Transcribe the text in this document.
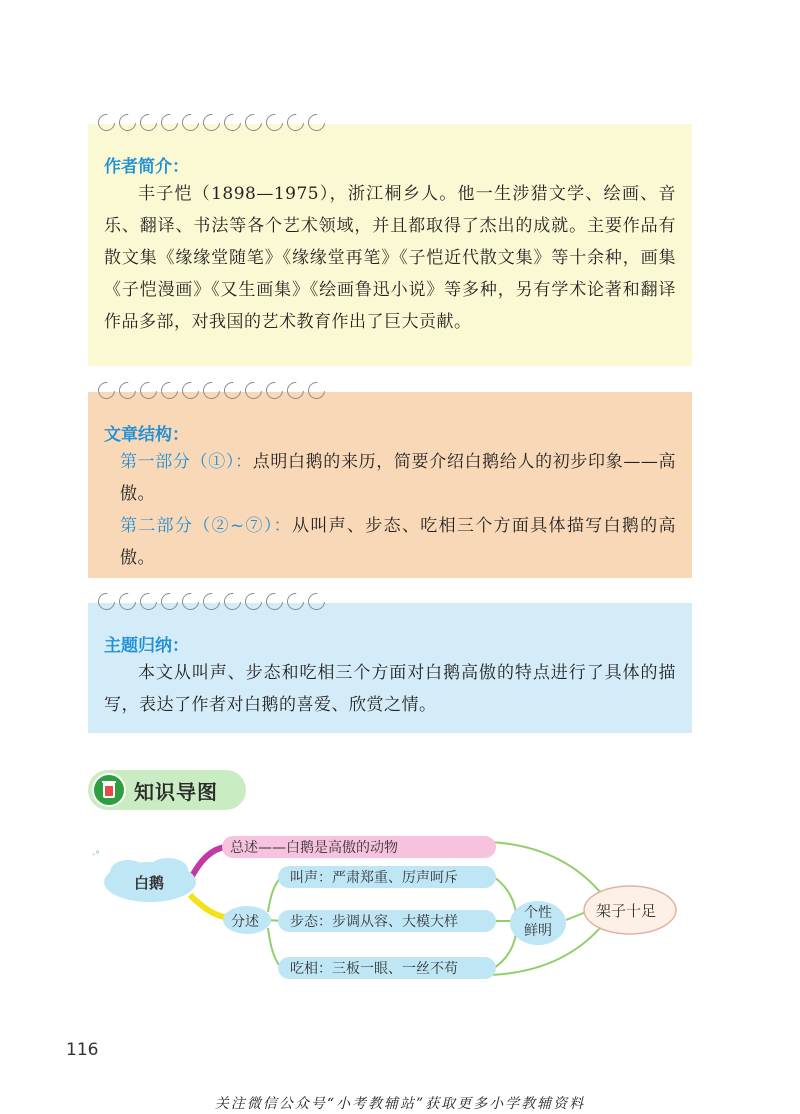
作者简介：
丰子恺（1898—1975），浙江桐乡人。他一生涉猎文学、绘画、音乐、翻译、书法等各个艺术领域，并且都取得了杰出的成就。主要作品有散文集《缘缘堂随笔》《缘缘堂再笔》《子恺近代散文集》等十余种，画集《子恺漫画》《又生画集》《绘画鲁迅小说》等多种，另有学术论著和翻译作品多部，对我国的艺术教育作出了巨大贡献。
文章结构：
第一部分（①）：点明白鹅的来历，简要介绍白鹅给人的初步印象——高傲。
第二部分（②~⑦）：从叫声、步态、吃相三个方面具体描写白鹅的高傲。
主题归纳：
本文从叫声、步态和吃相三个方面对白鹅高傲的特点进行了具体的描写，表达了作者对白鹅的喜爱、欣赏之情。
知识导图
·°
白鹅
总述——白鹅是高傲的动物
分述
叫声：严肃郑重、厉声呵斥
步态：步调从容、大模大样
吃相：三板一眼、一丝不苟
个性鲜明
架子十足
116
关注微信公众号“小考教辅站”获取更多小学教辅资料
